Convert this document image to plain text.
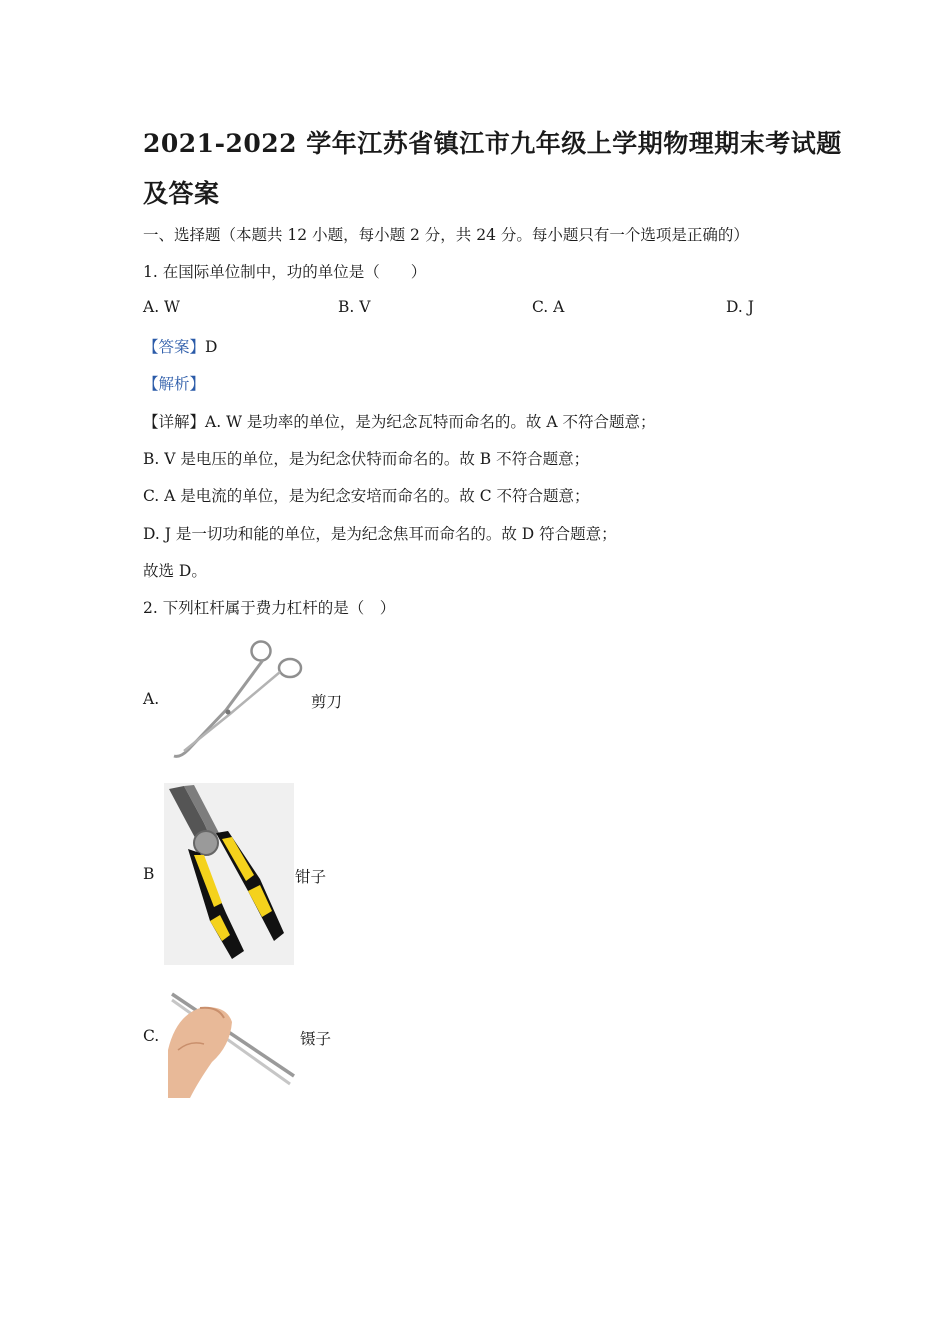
2021-2022 学年江苏省镇江市九年级上学期物理期末考试题
及答案
一、选择题（本题共 12 小题，每小题 2 分，共 24 分。每小题只有一个选项是正确的）
1. 在国际单位制中，功的单位是（　　）
A. W	B. V	C. A	D. J
【答案】D
【解析】
【详解】A. W 是功率的单位，是为纪念瓦特而命名的。故 A 不符合题意；
B. V 是电压的单位，是为纪念伏特而命名的。故 B 不符合题意；
C. A 是电流的单位，是为纪念安培而命名的。故 C 不符合题意；
D. J 是一切功和能的单位，是为纪念焦耳而命名的。故 D 符合题意；
故选 D。
2. 下列杠杆属于费力杠杆的是（　）
A.	剪刀
B	钳子
C.	镊子
